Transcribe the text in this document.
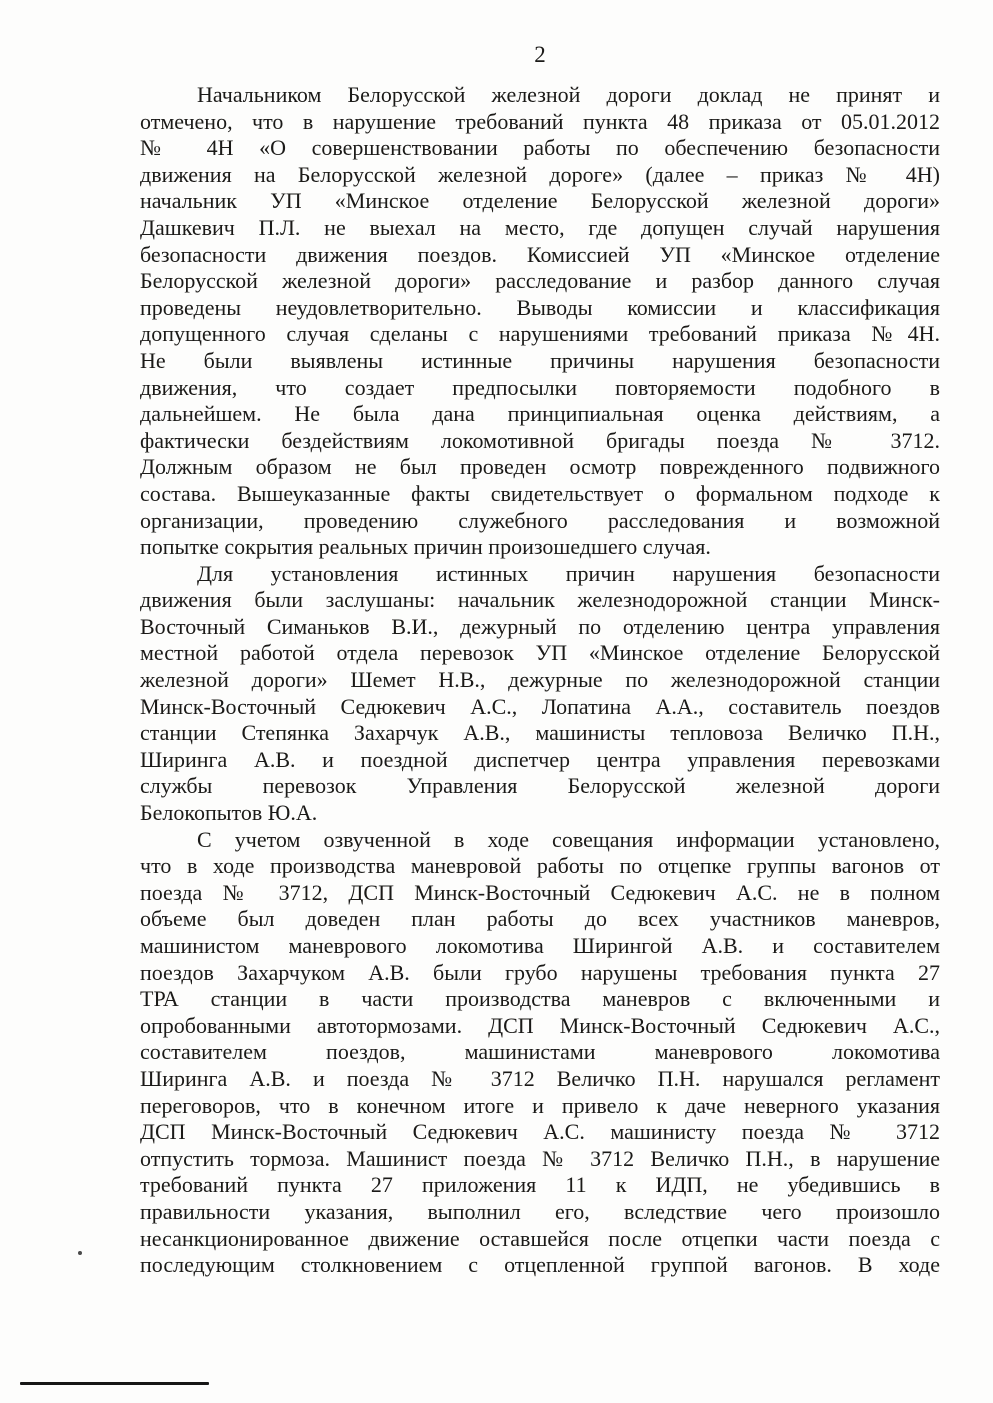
2
Начальником Белорусской железной дороги доклад не принят и
отмечено, что в нарушение требований пункта 48 приказа от 05.01.2012
№ 4Н «О совершенствовании работы по обеспечению безопасности
движения на Белорусской железной дороге» (далее – приказ № 4Н)
начальник УП «Минское отделение Белорусской железной дороги»
Дашкевич П.Л. не выехал на место, где допущен случай нарушения
безопасности движения поездов. Комиссией УП «Минское отделение
Белорусской железной дороги» расследование и разбор данного случая
проведены неудовлетворительно. Выводы комиссии и классификация
допущенного случая сделаны с нарушениями требований приказа №4Н.
Не были выявлены истинные причины нарушения безопасности
движения, что создает предпосылки повторяемости подобного в
дальнейшем. Не была дана принципиальная оценка действиям, а
фактически бездействиям локомотивной бригады поезда № 3712.
Должным образом не был проведен осмотр поврежденного подвижного
состава. Вышеуказанные факты свидетельствует о формальном подходе к
организации, проведению служебного расследования и возможной
попытке сокрытия реальных причин произошедшего случая.
Для установления истинных причин нарушения безопасности
движения были заслушаны: начальник железнодорожной станции Минск-
Восточный Симаньков В.И., дежурный по отделению центра управления
местной работой отдела перевозок УП «Минское отделение Белорусской
железной дороги» Шемет Н.В., дежурные по железнодорожной станции
Минск-Восточный Седюкевич А.С., Лопатина А.А., составитель поездов
станции Степянка Захарчук А.В., машинисты тепловоза Величко П.Н.,
Ширинга А.В. и поездной диспетчер центра управления перевозками
службы перевозок Управления Белорусской железной дороги
Белокопытов Ю.А.
С учетом озвученной в ходе совещания информации установлено,
что в ходе производства маневровой работы по отцепке группы вагонов от
поезда № 3712, ДСП Минск-Восточный Седюкевич А.С. не в полном
объеме был доведен план работы до всех участников маневров,
машинистом маневрового локомотива Ширингой А.В. и составителем
поездов Захарчуком А.В. были грубо нарушены требования пункта 27
ТРА станции в части производства маневров с включенными и
опробованными автотормозами. ДСП Минск-Восточный Седюкевич А.С.,
составителем поездов, машинистами маневрового локомотива
Ширинга А.В. и поезда № 3712 Величко П.Н. нарушался регламент
переговоров, что в конечном итоге и привело к даче неверного указания
ДСП Минск-Восточный Седюкевич А.С. машинисту поезда № 3712
отпустить тормоза. Машинист поезда № 3712 Величко П.Н., в нарушение
требований пункта 27 приложения 11 к ИДП, не убедившись в
правильности указания, выполнил его, вследствие чего произошло
несанкционированное движение оставшейся после отцепки части поезда с
последующим столкновением с отцепленной группой вагонов. В ходе
